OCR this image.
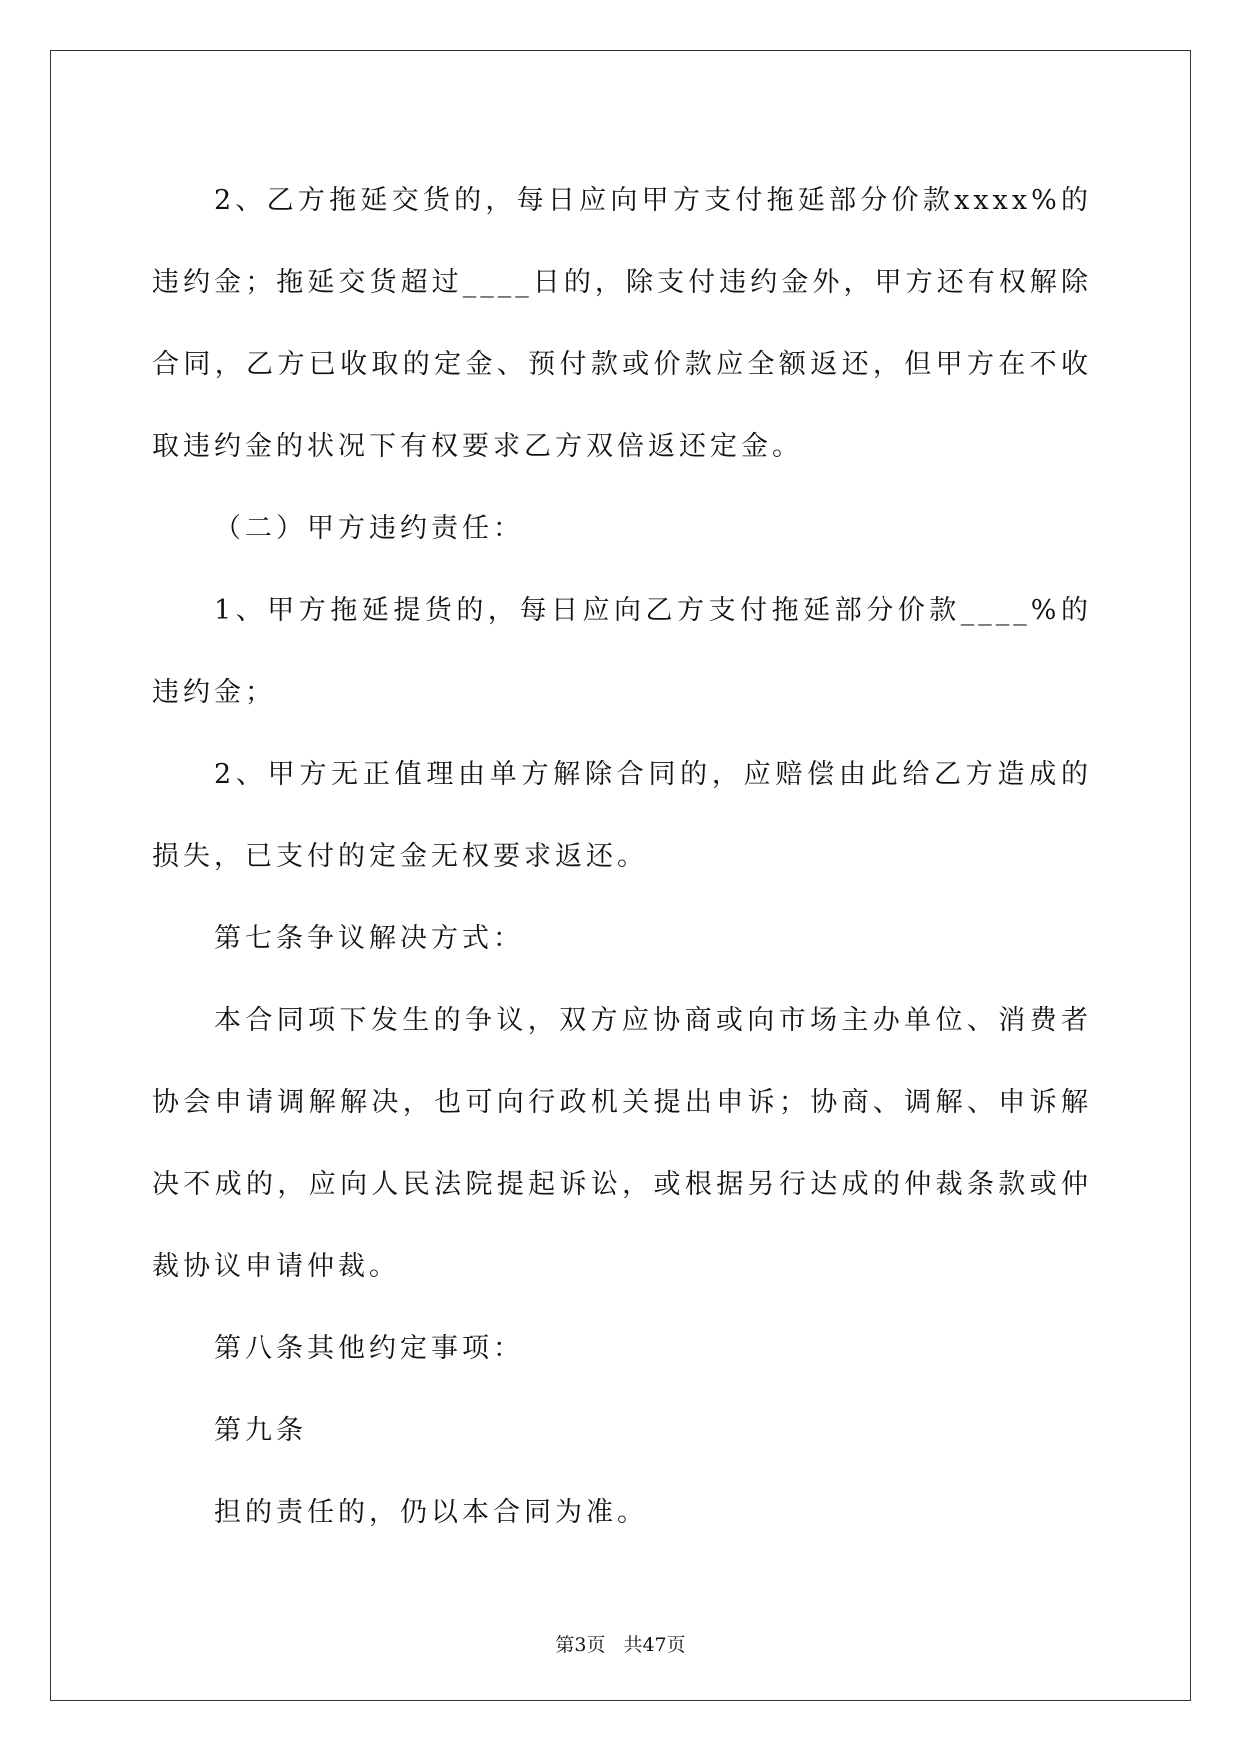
2、乙方拖延交货的，每日应向甲方支付拖延部分价款xxxx%的违约金；拖延交货超过____日的，除支付违约金外，甲方还有权解除合同，乙方已收取的定金、预付款或价款应全额返还，但甲方在不收取违约金的状况下有权要求乙方双倍返还定金。

（二）甲方违约责任：

1、甲方拖延提货的，每日应向乙方支付拖延部分价款____%的违约金；

2、甲方无正值理由单方解除合同的，应赔偿由此给乙方造成的损失，已支付的定金无权要求返还。

第七条争议解决方式：

本合同项下发生的争议，双方应协商或向市场主办单位、消费者协会申请调解解决，也可向行政机关提出申诉；协商、调解、申诉解决不成的，应向人民法院提起诉讼，或根据另行达成的仲裁条款或仲裁协议申请仲裁。

第八条其他约定事项：

第九条

担的责任的，仍以本合同为准。

第3页 共47页
